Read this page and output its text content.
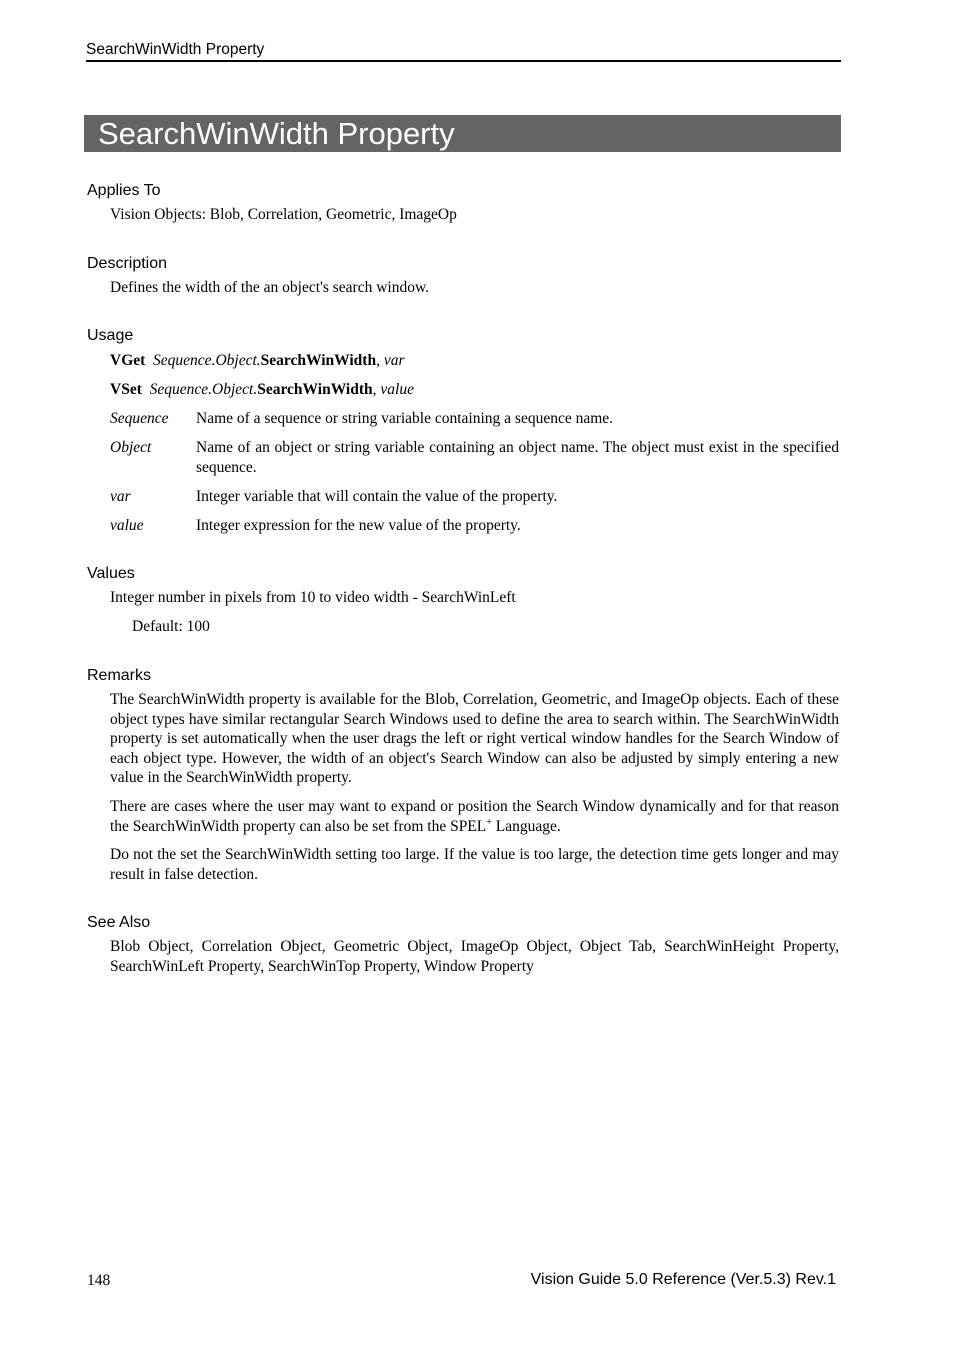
SearchWinWidth Property
SearchWinWidth Property
Applies To
Vision Objects: Blob, Correlation, Geometric, ImageOp
Description
Defines the width of the an object's search window.
Usage
VGet Sequence.Object.SearchWinWidth, var
VSet Sequence.Object.SearchWinWidth, value
Sequence Name of a sequence or string variable containing a sequence name.
Object	Name of an object or string variable containing an object name. The object must exist in the specified sequence.
var	Integer variable that will contain the value of the property.
value	Integer expression for the new value of the property.
Values
Integer number in pixels from 10 to video width - SearchWinLeft
Default: 100
Remarks
The SearchWinWidth property is available for the Blob, Correlation, Geometric, and ImageOp objects. Each of these object types have similar rectangular Search Windows used to define the area to search within. The SearchWinWidth property is set automatically when the user drags the left or right vertical window handles for the Search Window of each object type. However, the width of an object's Search Window can also be adjusted by simply entering a new value in the SearchWinWidth property.
There are cases where the user may want to expand or position the Search Window dynamically and for that reason the SearchWinWidth property can also be set from the SPEL+ Language.
Do not the set the SearchWinWidth setting too large. If the value is too large, the detection time gets longer and may result in false detection.
See Also
Blob Object, Correlation Object, Geometric Object, ImageOp Object, Object Tab, SearchWinHeight Property, SearchWinLeft Property, SearchWinTop Property, Window Property
148	Vision Guide 5.0 Reference (Ver.5.3) Rev.1
